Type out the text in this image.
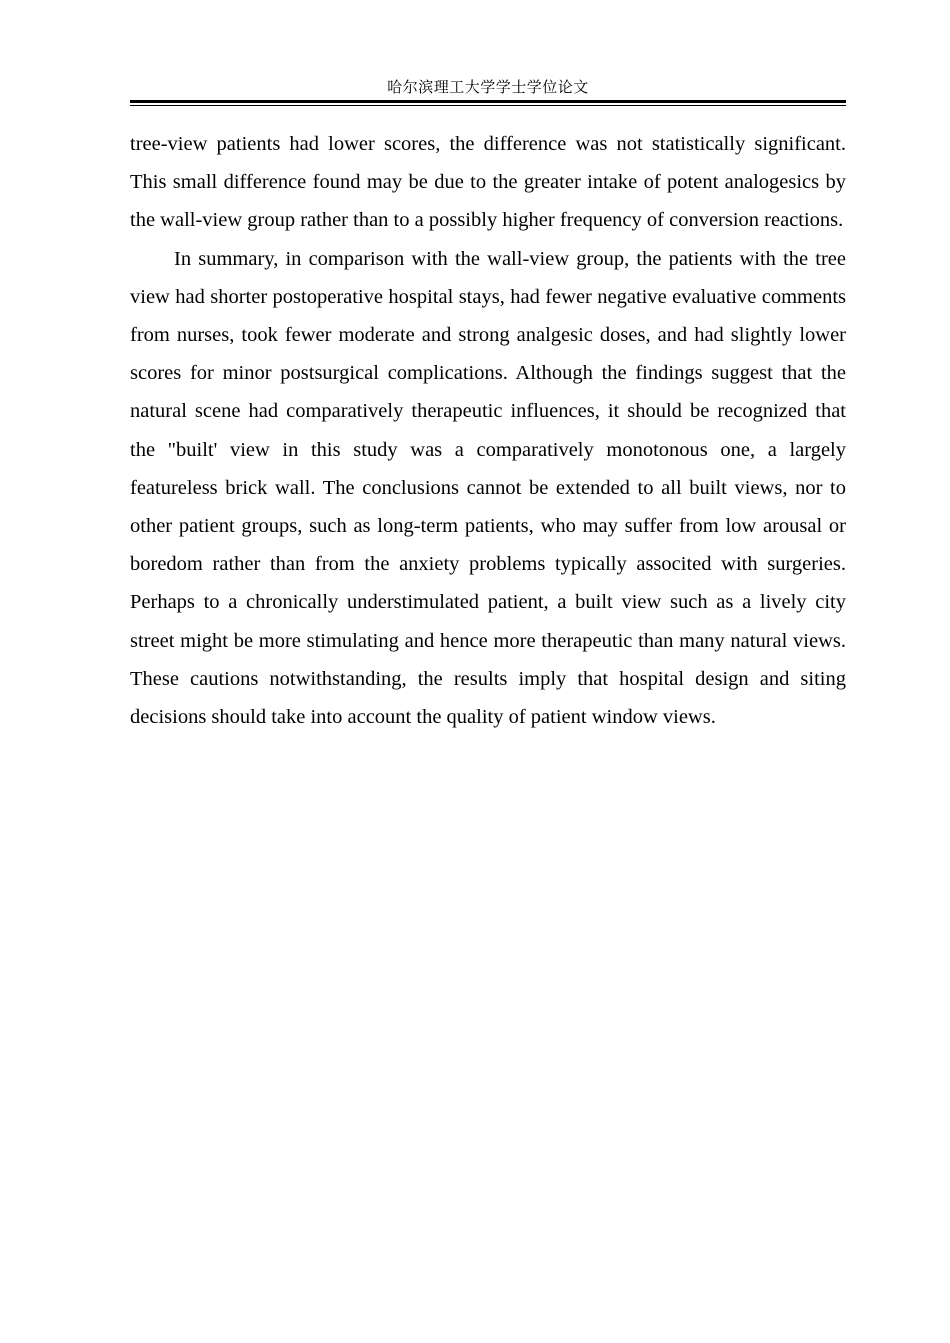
哈尔滨理工大学学士学位论文

tree-view patients had lower scores, the difference was not statistically significant. This small difference found may be due to the greater intake of potent analogesics by the wall-view group rather than to a possibly higher frequency of conversion reactions.

In summary, in comparison with the wall-view group, the patients with the tree view had shorter postoperative hospital stays, had fewer negative evaluative comments from nurses, took fewer moderate and strong analgesic doses, and had slightly lower scores for minor postsurgical complications. Although the findings suggest that the natural scene had comparatively therapeutic influences, it should be recognized that the "built' view in this study was a comparatively monotonous one, a largely featureless brick wall. The conclusions cannot be extended to all built views, nor to other patient groups, such as long-term patients, who may suffer from low arousal or boredom rather than from the anxiety problems typically associted with surgeries. Perhaps to a chronically understimulated patient, a built view such as a lively city street might be more stimulating and hence more therapeutic than many natural views. These cautions notwithstanding, the results imply that hospital design and siting decisions should take into account the quality of patient window views.
